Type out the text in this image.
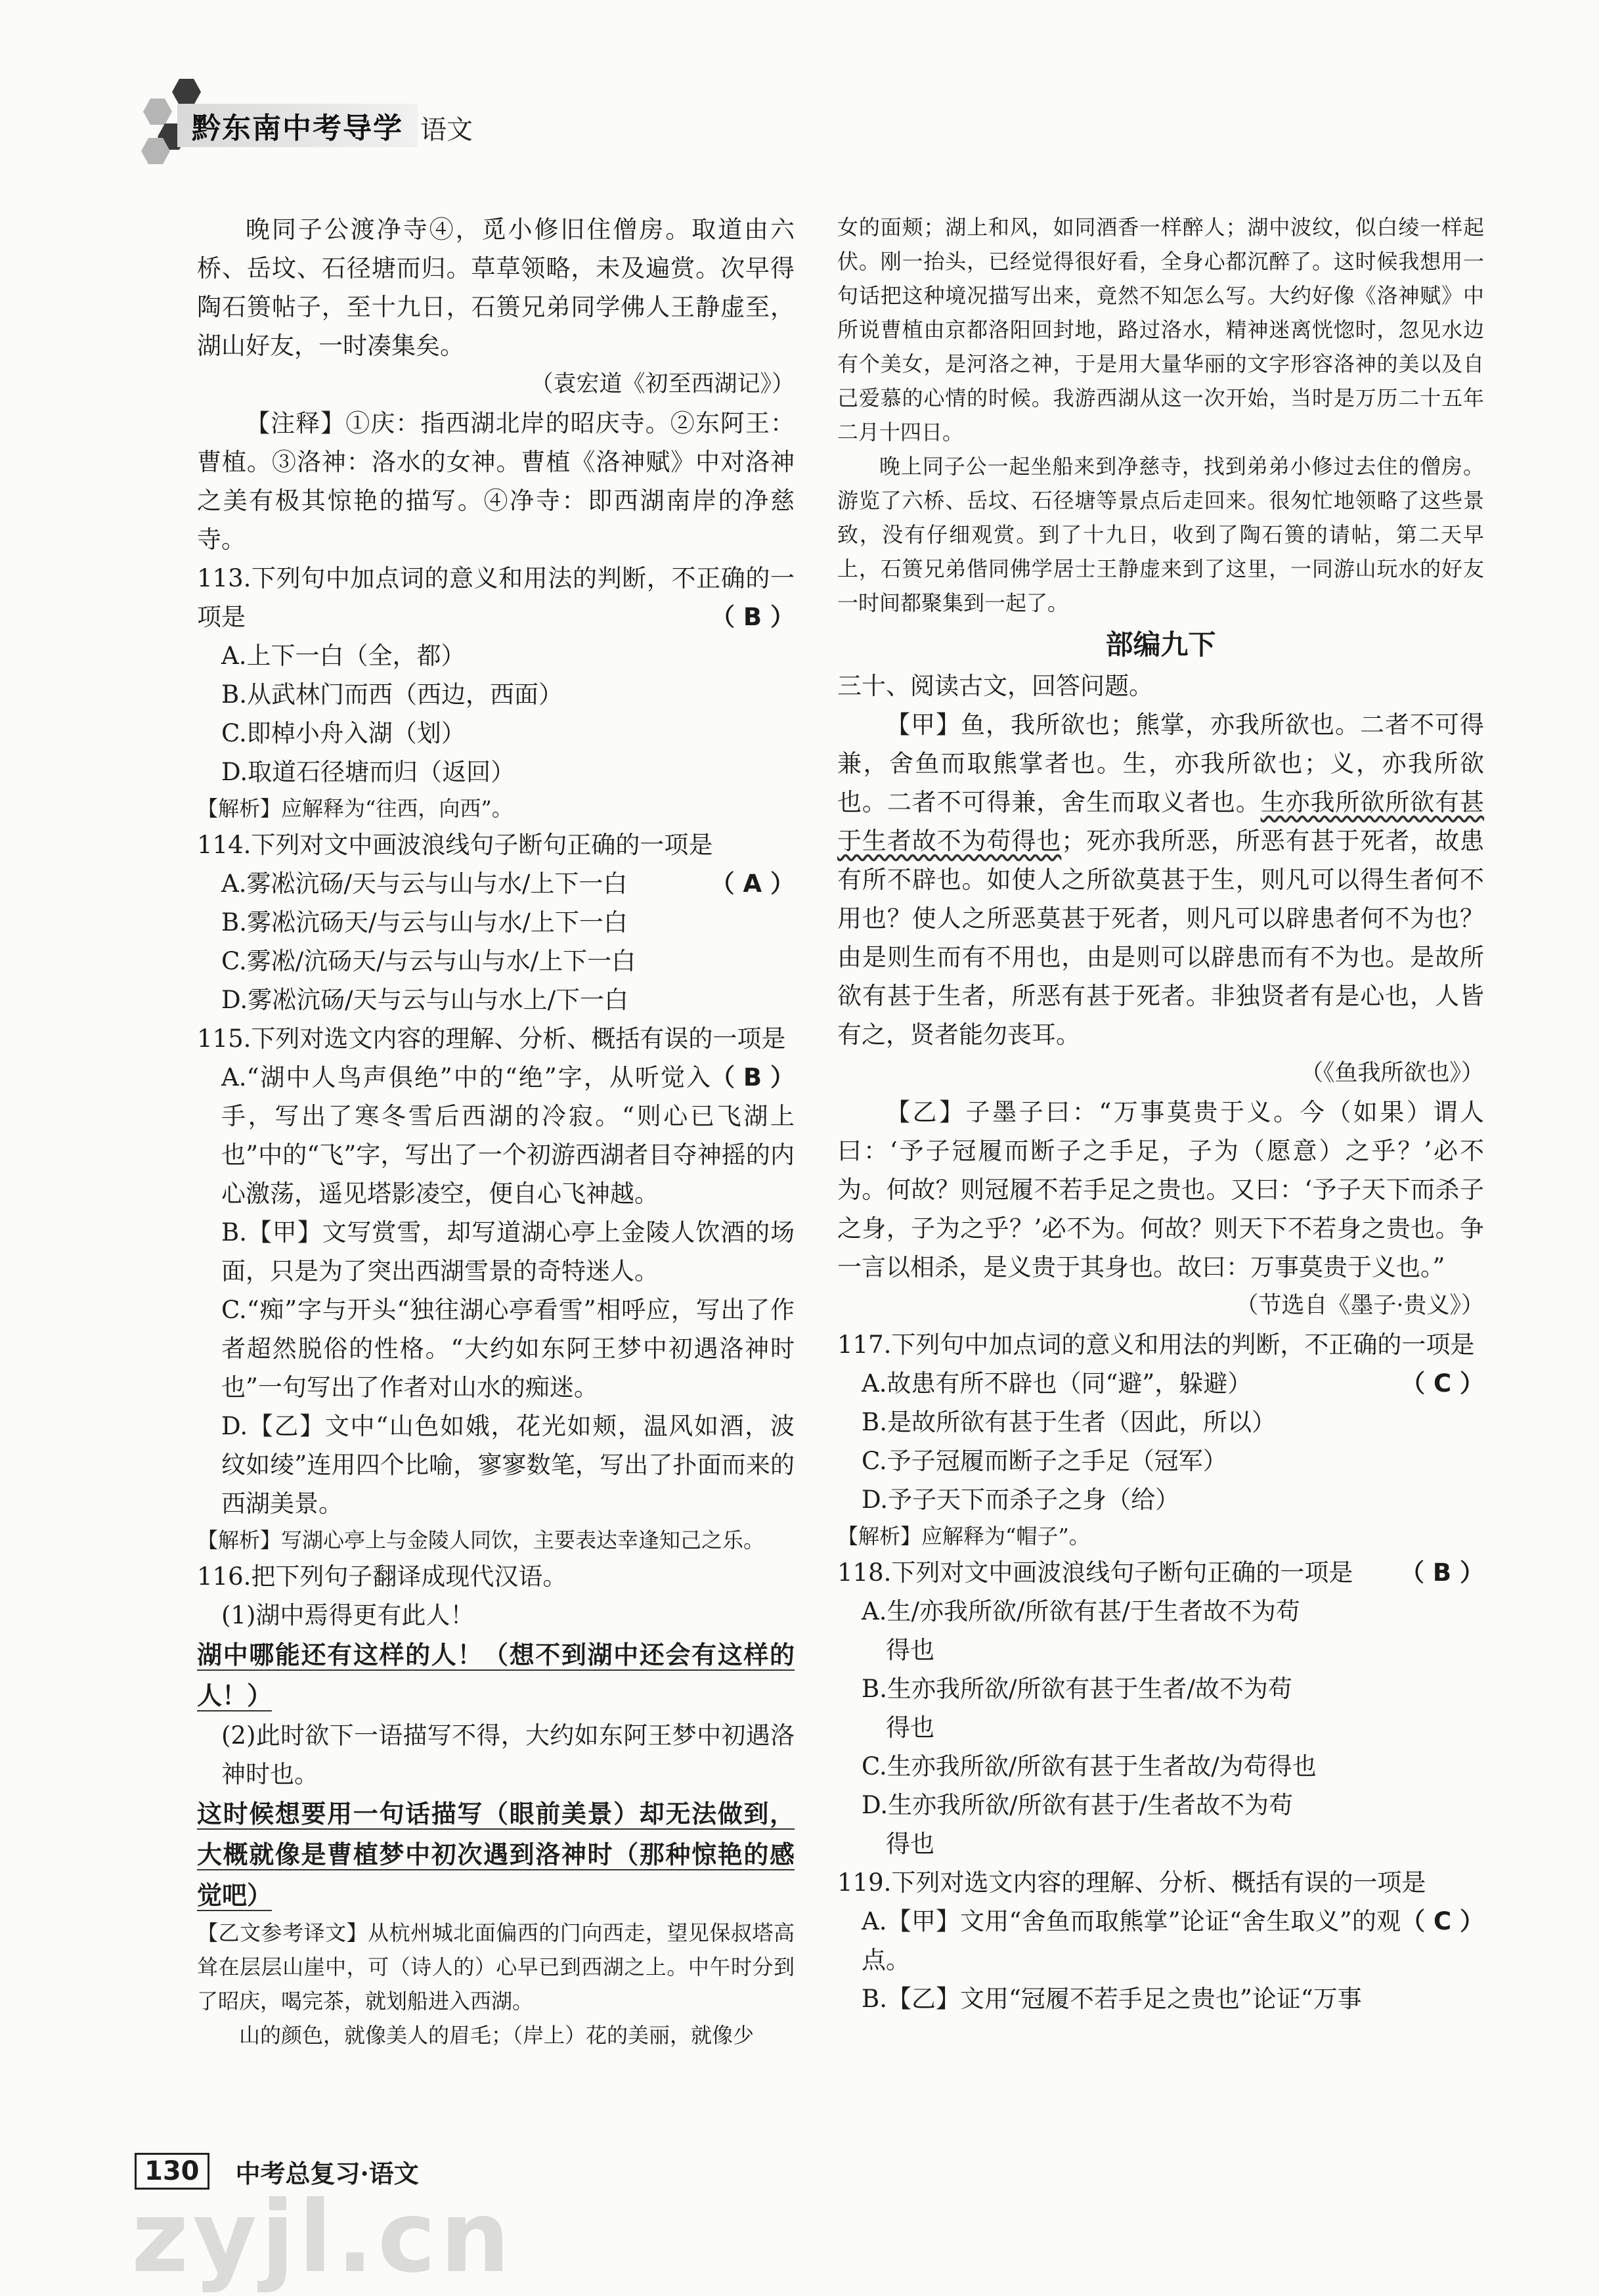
黔东南中考导学 语文

晚同子公渡净寺④，觅小修旧住僧房。取道由六桥、岳坟、石径塘而归。草草领略，未及遍赏。次早得陶石篑帖子，至十九日，石篑兄弟同学佛人王静虚至，湖山好友，一时凑集矣。

（袁宏道《初至西湖记》）

【注释】①庆：指西湖北岸的昭庆寺。②东阿王：曹植。③洛神：洛水的女神。曹植《洛神赋》中对洛神之美有极其惊艳的描写。④净寺：即西湖南岸的净慈寺。

113.下列句中加点词的意义和用法的判断，不正确的一项是	（ B ）

A.上下一白（全，都）

B.从武林门而西（西边，西面）

C.即棹小舟入湖（划）

D.取道石径塘而归（返回）

【解析】应解释为“往西，向西”。

114.下列对文中画波浪线句子断句正确的一项是
（ A ）

A.雾凇沆砀/天与云与山与水/上下一白

B.雾凇沆砀天/与云与山与水/上下一白

C.雾凇/沆砀天/与云与山与水/上下一白

D.雾凇沆砀/天与云与山与水上/下一白

115.下列对选文内容的理解、分析、概括有误的一项是
（ B ）

A.“湖中人鸟声俱绝”中的“绝”字，从听觉入手，写出了寒冬雪后西湖的冷寂。“则心已飞湖上也”中的“飞”字，写出了一个初游西湖者目夺神摇的内心激荡，遥见塔影凌空，便自心飞神越。

B.【甲】文写赏雪，却写道湖心亭上金陵人饮酒的场面，只是为了突出西湖雪景的奇特迷人。

C.“痴”字与开头“独往湖心亭看雪”相呼应，写出了作者超然脱俗的性格。“大约如东阿王梦中初遇洛神时也”一句写出了作者对山水的痴迷。

D.【乙】文中“山色如娥，花光如颊，温风如酒，波纹如绫”连用四个比喻，寥寥数笔，写出了扑面而来的西湖美景。

【解析】写湖心亭上与金陵人同饮，主要表达幸逢知己之乐。

116.把下列句子翻译成现代汉语。

(1)湖中焉得更有此人！

湖中哪能还有这样的人！（想不到湖中还会有这样的人！）

(2)此时欲下一语描写不得，大约如东阿王梦中初遇洛神时也。

这时候想要用一句话描写（眼前美景）却无法做到，大概就像是曹植梦中初次遇到洛神时（那种惊艳的感觉吧）

【乙文参考译文】从杭州城北面偏西的门向西走，望见保叔塔高耸在层层山崖中，可（诗人的）心早已到西湖之上。中午时分到了昭庆，喝完茶，就划船进入西湖。

山的颜色，就像美人的眉毛；（岸上）花的美丽，就像少

女的面颊；湖上和风，如同酒香一样醉人；湖中波纹，似白绫一样起伏。刚一抬头，已经觉得很好看，全身心都沉醉了。这时候我想用一句话把这种境况描写出来，竟然不知怎么写。大约好像《洛神赋》中所说曹植由京都洛阳回封地，路过洛水，精神迷离恍惚时，忽见水边有个美女，是河洛之神，于是用大量华丽的文字形容洛神的美以及自己爱慕的心情的时候。我游西湖从这一次开始，当时是万历二十五年二月十四日。

晚上同子公一起坐船来到净慈寺，找到弟弟小修过去住的僧房。游览了六桥、岳坟、石径塘等景点后走回来。很匆忙地领略了这些景致，没有仔细观赏。到了十九日，收到了陶石篑的请帖，第二天早上，石篑兄弟偕同佛学居士王静虚来到了这里，一同游山玩水的好友一时间都聚集到一起了。

部编九下

三十、阅读古文，回答问题。

【甲】鱼，我所欲也；熊掌，亦我所欲也。二者不可得兼，舍鱼而取熊掌者也。生，亦我所欲也；义，亦我所欲也。二者不可得兼，舍生而取义者也。生亦我所欲所欲有甚于生者故不为苟得也；死亦我所恶，所恶有甚于死者，故患有所不辟也。如使人之所欲莫甚于生，则凡可以得生者何不用也？使人之所恶莫甚于死者，则凡可以辟患者何不为也？由是则生而有不用也，由是则可以辟患而有不为也。是故所欲有甚于生者，所恶有甚于死者。非独贤者有是心也，人皆有之，贤者能勿丧耳。

（《鱼我所欲也》）

【乙】子墨子曰：“万事莫贵于义。今（如果）谓人曰：‘予子冠履而断子之手足，子为（愿意）之乎？’必不为。何故？则冠履不若手足之贵也。又曰：‘予子天下而杀子之身，子为之乎？’必不为。何故？则天下不若身之贵也。争一言以相杀，是义贵于其身也。故曰：万事莫贵于义也。”

（节选自《墨子·贵义》）

117.下列句中加点词的意义和用法的判断，不正确的一项是
（ C ）

A.故患有所不辟也（同“避”，躲避）

B.是故所欲有甚于生者（因此，所以）

C.予子冠履而断子之手足（冠军）

D.予子天下而杀子之身（给）

【解析】应解释为“帽子”。

118.下列对文中画波浪线句子断句正确的一项是 （ B ）

A.生/亦我所欲/所欲有甚/于生者故不为苟

得也

B.生亦我所欲/所欲有甚于生者/故不为苟

得也

C.生亦我所欲/所欲有甚于生者故/为苟得也

D.生亦我所欲/所欲有甚于/生者故不为苟

得也

119.下列对选文内容的理解、分析、概括有误的一项是
（ C ）

A.【甲】文用“舍鱼而取熊掌”论证“舍生取义”的观点。

B.【乙】文用“冠履不若手足之贵也”论证“万事

130	中考总复习·语文
zyjl.cn
